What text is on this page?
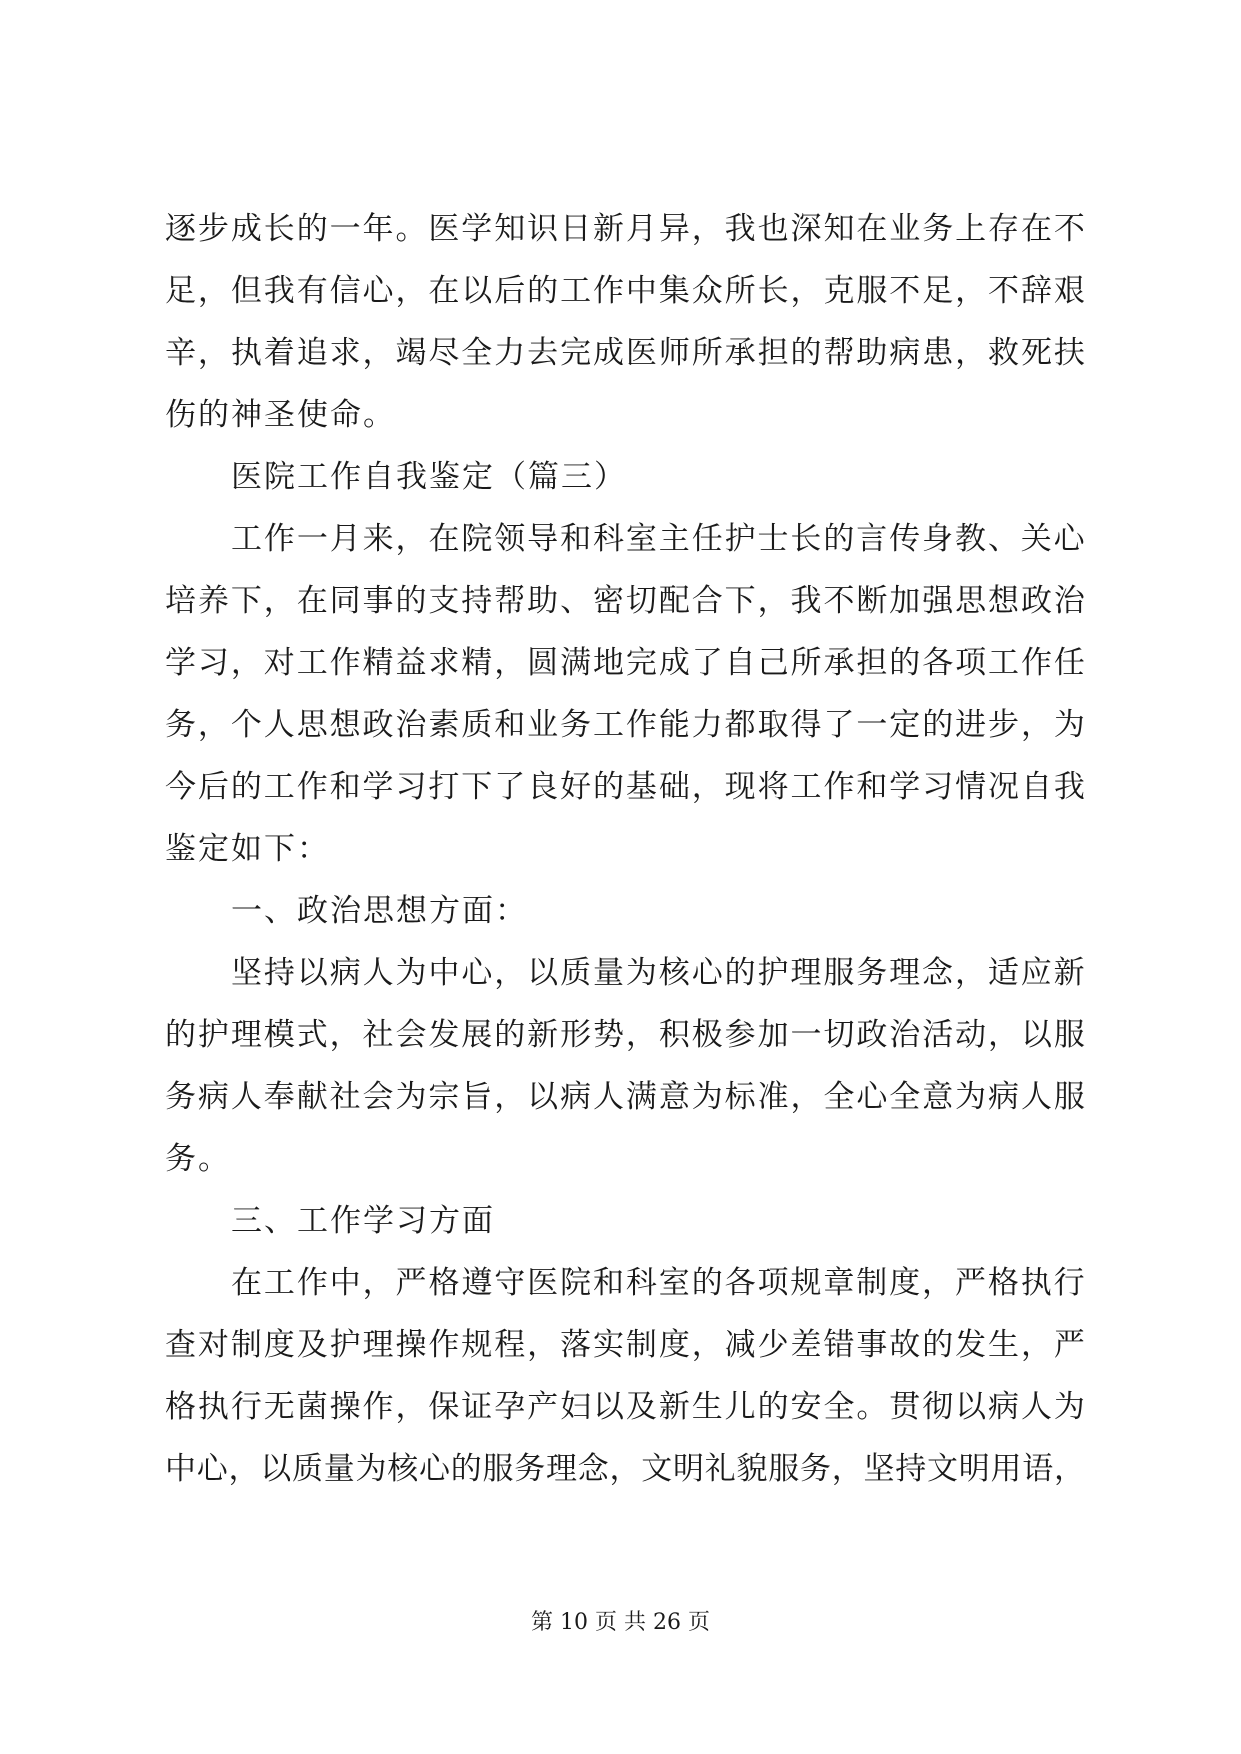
逐 步 成 长 的 一 年 。 医 学 知 识 日 新 月 异 ， 我 也 深 知 在 业 务 上 存 在 不
足 ， 但 我 有 信 心 ， 在 以 后 的 工 作 中 集 众 所 长 ， 克 服 不 足 ， 不 辞 艰
辛 ， 执 着 追 求 ， 竭 尽 全 力 去 完 成 医 师 所 承 担 的 帮 助 病 患 ， 救 死 扶
伤的神圣使命。
医院工作自我鉴定（篇三）
工 作 一 月 来 ， 在 院 领 导 和 科 室 主 任 护 士 长 的 言 传 身 教 、 关 心
培 养 下 ， 在 同 事 的 支 持 帮 助 、 密 切 配 合 下 ， 我 不 断 加 强 思 想 政 治
学 习 ， 对 工 作 精 益 求 精 ， 圆 满 地 完 成 了 自 己 所 承 担 的 各 项 工 作 任
务 ， 个 人 思 想 政 治 素 质 和 业 务 工 作 能 力 都 取 得 了 一 定 的 进 步 ， 为
今 后 的 工 作 和 学 习 打 下 了 良 好 的 基 础 ， 现 将 工 作 和 学 习 情 况 自 我
鉴定如下：
一、政治思想方面：
坚 持 以 病 人 为 中 心 ， 以 质 量 为 核 心 的 护 理 服 务 理 念 ， 适 应 新
的 护 理 模 式 ， 社 会 发 展 的 新 形 势 ， 积 极 参 加 一 切 政 治 活 动 ， 以 服
务 病 人 奉 献 社 会 为 宗 旨 ， 以 病 人 满 意 为 标 准 ， 全 心 全 意 为 病 人 服
务。
三、工作学习方面
在 工 作 中 ， 严 格 遵 守 医 院 和 科 室 的 各 项 规 章 制 度 ， 严 格 执 行
查 对 制 度 及 护 理 操 作 规 程 ， 落 实 制 度 ， 减 少 差 错 事 故 的 发 生 ， 严
格 执 行 无 菌 操 作 ， 保 证 孕 产 妇 以 及 新 生 儿 的 安 全 。 贯 彻 以 病 人 为
中 心 ， 以 质 量 为 核 心 的 服 务 理 念 ， 文 明 礼 貌 服 务 ， 坚 持 文 明 用 语 ，
第 10 页 共 26 页
